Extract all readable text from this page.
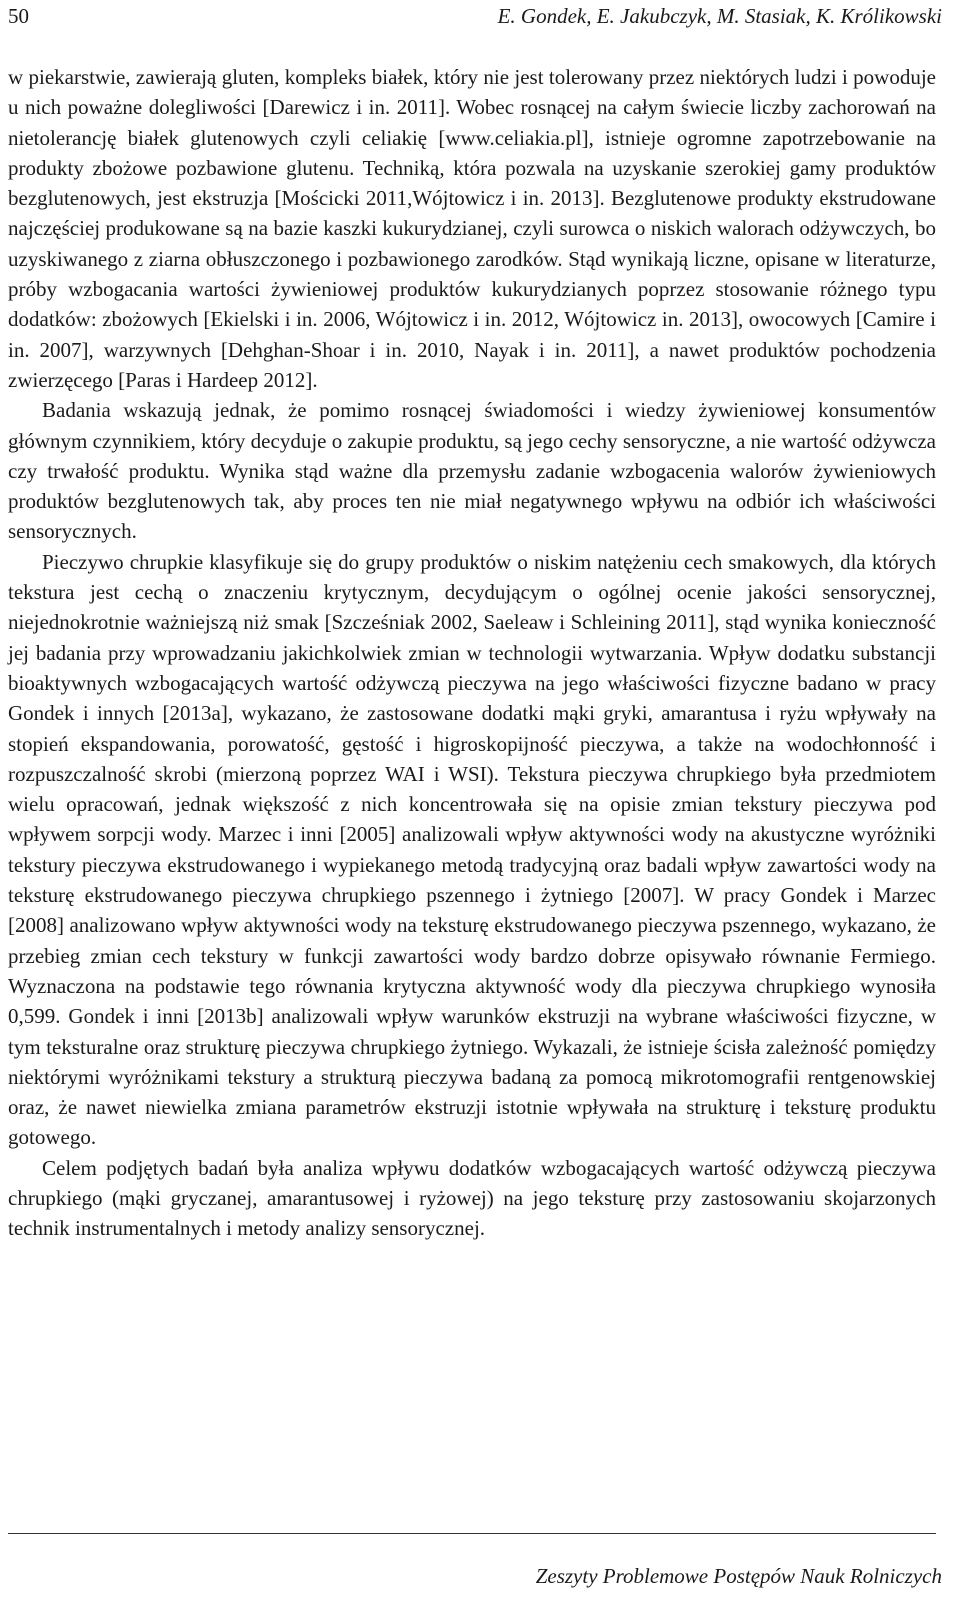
50	E. Gondek, E. Jakubczyk, M. Stasiak, K. Królikowski

w piekarstwie, zawierają gluten, kompleks białek, który nie jest tolerowany przez niektórych ludzi i powoduje u nich poważne dolegliwości [Darewicz i in. 2011]. Wobec rosnącej na całym świecie liczby zachorowań na nietolerancję białek glutenowych czyli celiakię [www.celiakia.pl], istnieje ogromne zapotrzebowanie na produkty zbożowe pozbawione glutenu. Techniką, która pozwala na uzyskanie szerokiej gamy produktów bezglutenowych, jest ekstruzja [Mościcki 2011,Wójtowicz i in. 2013]. Bezglutenowe produkty ekstrudowane najczęściej produkowane są na bazie kaszki kukurydzianej, czyli surowca o niskich walorach odżywczych, bo uzyskiwanego z ziarna obłuszczonego i pozbawionego zarodków. Stąd wynikają liczne, opisane w literaturze, próby wzbogacania wartości żywieniowej produktów kukurydzianych poprzez stosowanie różnego typu dodatków: zbożowych [Ekielski i in. 2006, Wójtowicz i in. 2012, Wójtowicz in. 2013], owocowych [Camire i in. 2007], warzywnych [Dehghan-Shoar i in. 2010, Nayak i in. 2011], a nawet produktów pochodzenia zwierzęcego [Paras i Hardeep 2012].

Badania wskazują jednak, że pomimo rosnącej świadomości i wiedzy żywieniowej konsumentów głównym czynnikiem, który decyduje o zakupie produktu, są jego cechy sensoryczne, a nie wartość odżywcza czy trwałość produktu. Wynika stąd ważne dla przemysłu zadanie wzbogacenia walorów żywieniowych produktów bezglutenowych tak, aby proces ten nie miał negatywnego wpływu na odbiór ich właściwości sensorycznych.

Pieczywo chrupkie klasyfikuje się do grupy produktów o niskim natężeniu cech smakowych, dla których tekstura jest cechą o znaczeniu krytycznym, decydującym o ogólnej ocenie jakości sensorycznej, niejednokrotnie ważniejszą niż smak [Szcześniak 2002, Saeleaw i Schleining 2011], stąd wynika konieczność jej badania przy wprowadzaniu jakichkolwiek zmian w technologii wytwarzania. Wpływ dodatku substancji bioaktywnych wzbogacających wartość odżywczą pieczywa na jego właściwości fizyczne badano w pracy Gondek i innych [2013a], wykazano, że zastosowane dodatki mąki gryki, amarantusa i ryżu wpływały na stopień ekspandowania, porowatość, gęstość i higroskopijność pieczywa, a także na wodochłonność i rozpuszczalność skrobi (mierzoną poprzez WAI i WSI). Tekstura pieczywa chrupkiego była przedmiotem wielu opracowań, jednak większość z nich koncentrowała się na opisie zmian tekstury pieczywa pod wpływem sorpcji wody. Marzec i inni [2005] analizowali wpływ aktywności wody na akustyczne wyróżniki tekstury pieczywa ekstrudowanego i wypiekanego metodą tradycyjną oraz badali wpływ zawartości wody na teksturę ekstrudowanego pieczywa chrupkiego pszennego i żytniego [2007]. W pracy Gondek i Marzec [2008] analizowano wpływ aktywności wody na teksturę ekstrudowanego pieczywa pszennego, wykazano, że przebieg zmian cech tekstury w funkcji zawartości wody bardzo dobrze opisywało równanie Fermiego. Wyznaczona na podstawie tego równania krytyczna aktywność wody dla pieczywa chrupkiego wynosiła 0,599. Gondek i inni [2013b] analizowali wpływ warunków ekstruzji na wybrane właściwości fizyczne, w tym teksturalne oraz strukturę pieczywa chrupkiego żytniego. Wykazali, że istnieje ścisła zależność pomiędzy niektórymi wyróżnikami tekstury a strukturą pieczywa badaną za pomocą mikrotomografii rentgenowskiej oraz, że nawet niewielka zmiana parametrów ekstruzji istotnie wpływała na strukturę i teksturę produktu gotowego.

Celem podjętych badań była analiza wpływu dodatków wzbogacających wartość odżywczą pieczywa chrupkiego (mąki gryczanej, amarantusowej i ryżowej) na jego teksturę przy zastosowaniu skojarzonych technik instrumentalnych i metody analizy sensorycznej.

Zeszyty Problemowe Postępów Nauk Rolniczych
